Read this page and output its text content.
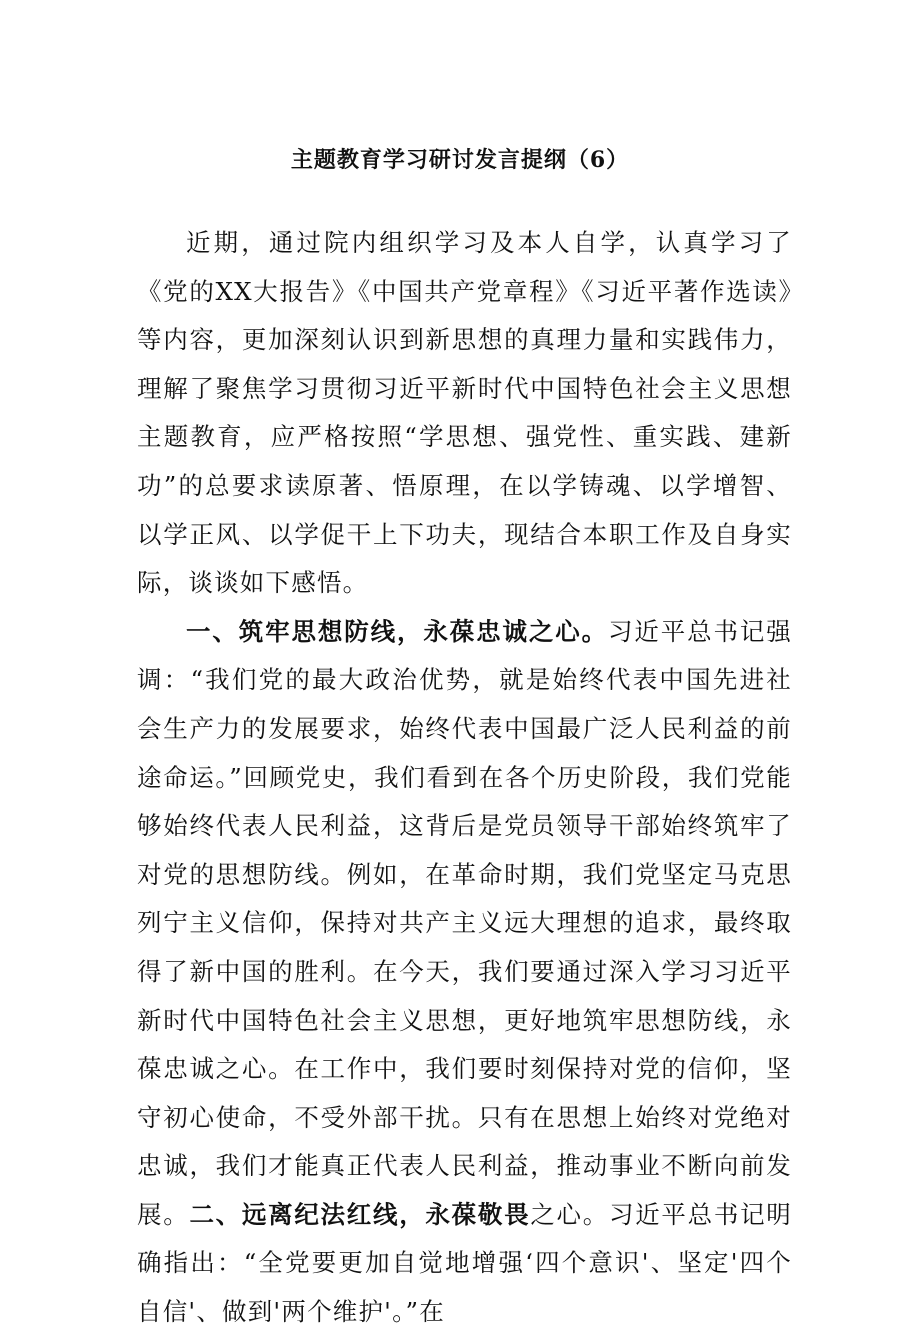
主题教育学习研讨发言提纲（6）

近期，通过院内组织学习及本人自学，认真学习了《党的XX大报告》《中国共产党章程》《习近平著作选读》等内容，更加深刻认识到新思想的真理力量和实践伟力，理解了聚焦学习贯彻习近平新时代中国特色社会主义思想主题教育，应严格按照“学思想、强党性、重实践、建新功”的总要求读原著、悟原理，在以学铸魂、以学增智、以学正风、以学促干上下功夫，现结合本职工作及自身实际，谈谈如下感悟。

一、筑牢思想防线，永葆忠诚之心。习近平总书记强调：“我们党的最大政治优势，就是始终代表中国先进社会生产力的发展要求，始终代表中国最广泛人民利益的前途命运。”回顾党史，我们看到在各个历史阶段，我们党能够始终代表人民利益，这背后是党员领导干部始终筑牢了对党的思想防线。例如，在革命时期，我们党坚定马克思列宁主义信仰，保持对共产主义远大理想的追求，最终取得了新中国的胜利。在今天，我们要通过深入学习习近平新时代中国特色社会主义思想，更好地筑牢思想防线，永葆忠诚之心。在工作中，我们要时刻保持对党的信仰，坚守初心使命，不受外部干扰。只有在思想上始终对党绝对忠诚，我们才能真正代表人民利益，推动事业不断向前发展。二、远离纪法红线，永葆敬畏之心。习近平总书记明确指出：“全党要更加自觉地增强‘四个意识'、坚定'四个自信'、做到'两个维护'。”在
